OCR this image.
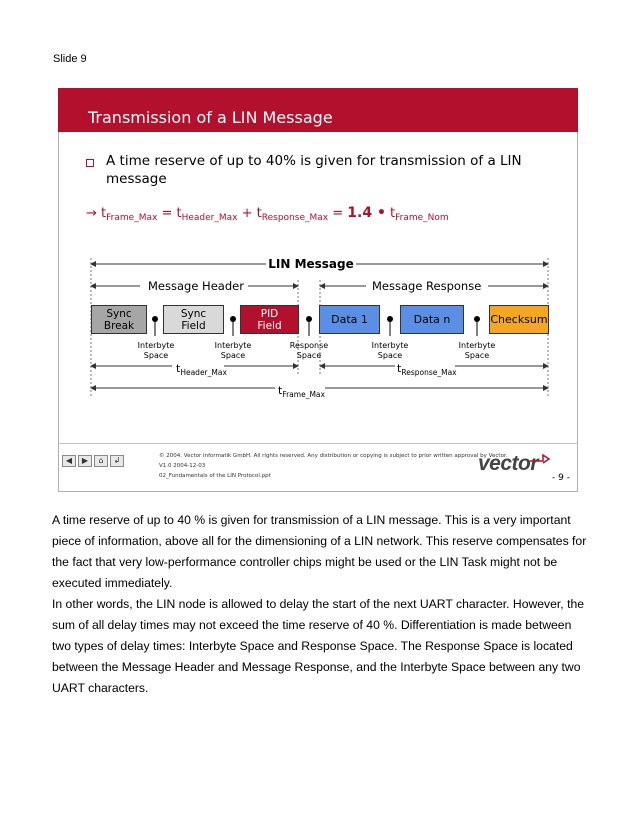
Slide 9
Transmission of a LIN Message
A time reserve of up to 40% is given for transmission of a LIN message
→ $t_{Frame\_Max} = t_{Header\_Max} + t_{Response\_Max} = 1.4$ • $t_{Frame\_Nom}$
LIN Message
Message Header	Message Response
Sync
Break
Sync
Field
PID
Field	Data 1	Data n	Checksum
Interbyte
Space
Interbyte
Space
Response
Space
Interbyte
Space
Interbyte
Space
$t_{Header\_Max}$	$t_{Response\_Max}$
$t_{Frame\_Max}$
◀	▶	⌂	↲	© 2004. Vector Informatik GmbH. All rights reserved. Any distribution or copying is subject to prior written approval by Vector.
V1.0 2004-12-03
02_Fundamentals of the LIN Protocol.ppt
vector
- 9 -

A time reserve of up to 40 % is given for transmission of a LIN message. This is a very important piece of information, above all for the dimensioning of a LIN network. This reserve compensates for the fact that very low-performance controller chips might be used or the LIN Task might not be executed immediately.

In other words, the LIN node is allowed to delay the start of the next UART character. However, the sum of all delay times may not exceed the time reserve of 40 %. Differentiation is made between two types of delay times: Interbyte Space and Response Space. The Response Space is located between the Message Header and Message Response, and the Interbyte Space between any two UART characters.
